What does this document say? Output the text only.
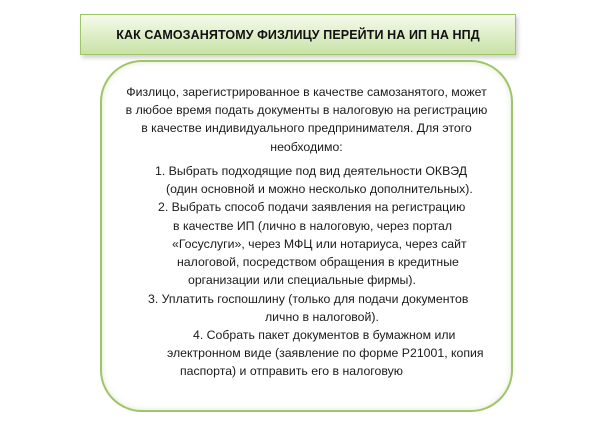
КАК САМОЗАНЯТОМУ ФИЗЛИЦУ ПЕРЕЙТИ НА ИП НА НПД
Физлицо, зарегистрированное в качестве самозанятого, может
в любое время подать документы в налоговую на регистрацию
в качестве индивидуального предпринимателя. Для этого
необходимо:
1. Выбрать подходящие под вид деятельности ОКВЭД
(один основной и можно несколько дополнительных).
2. Выбрать способ подачи заявления на регистрацию
в качестве ИП (лично в налоговую, через портал
«Госуслуги», через МФЦ или нотариуса, через сайт
налоговой, посредством обращения в кредитные
организации или специальные фирмы).
3. Уплатить госпошлину (только для подачи документов
лично в налоговой).
4. Собрать пакет документов в бумажном или
электронном виде (заявление по форме Р21001, копия
паспорта) и отправить его в налоговую
